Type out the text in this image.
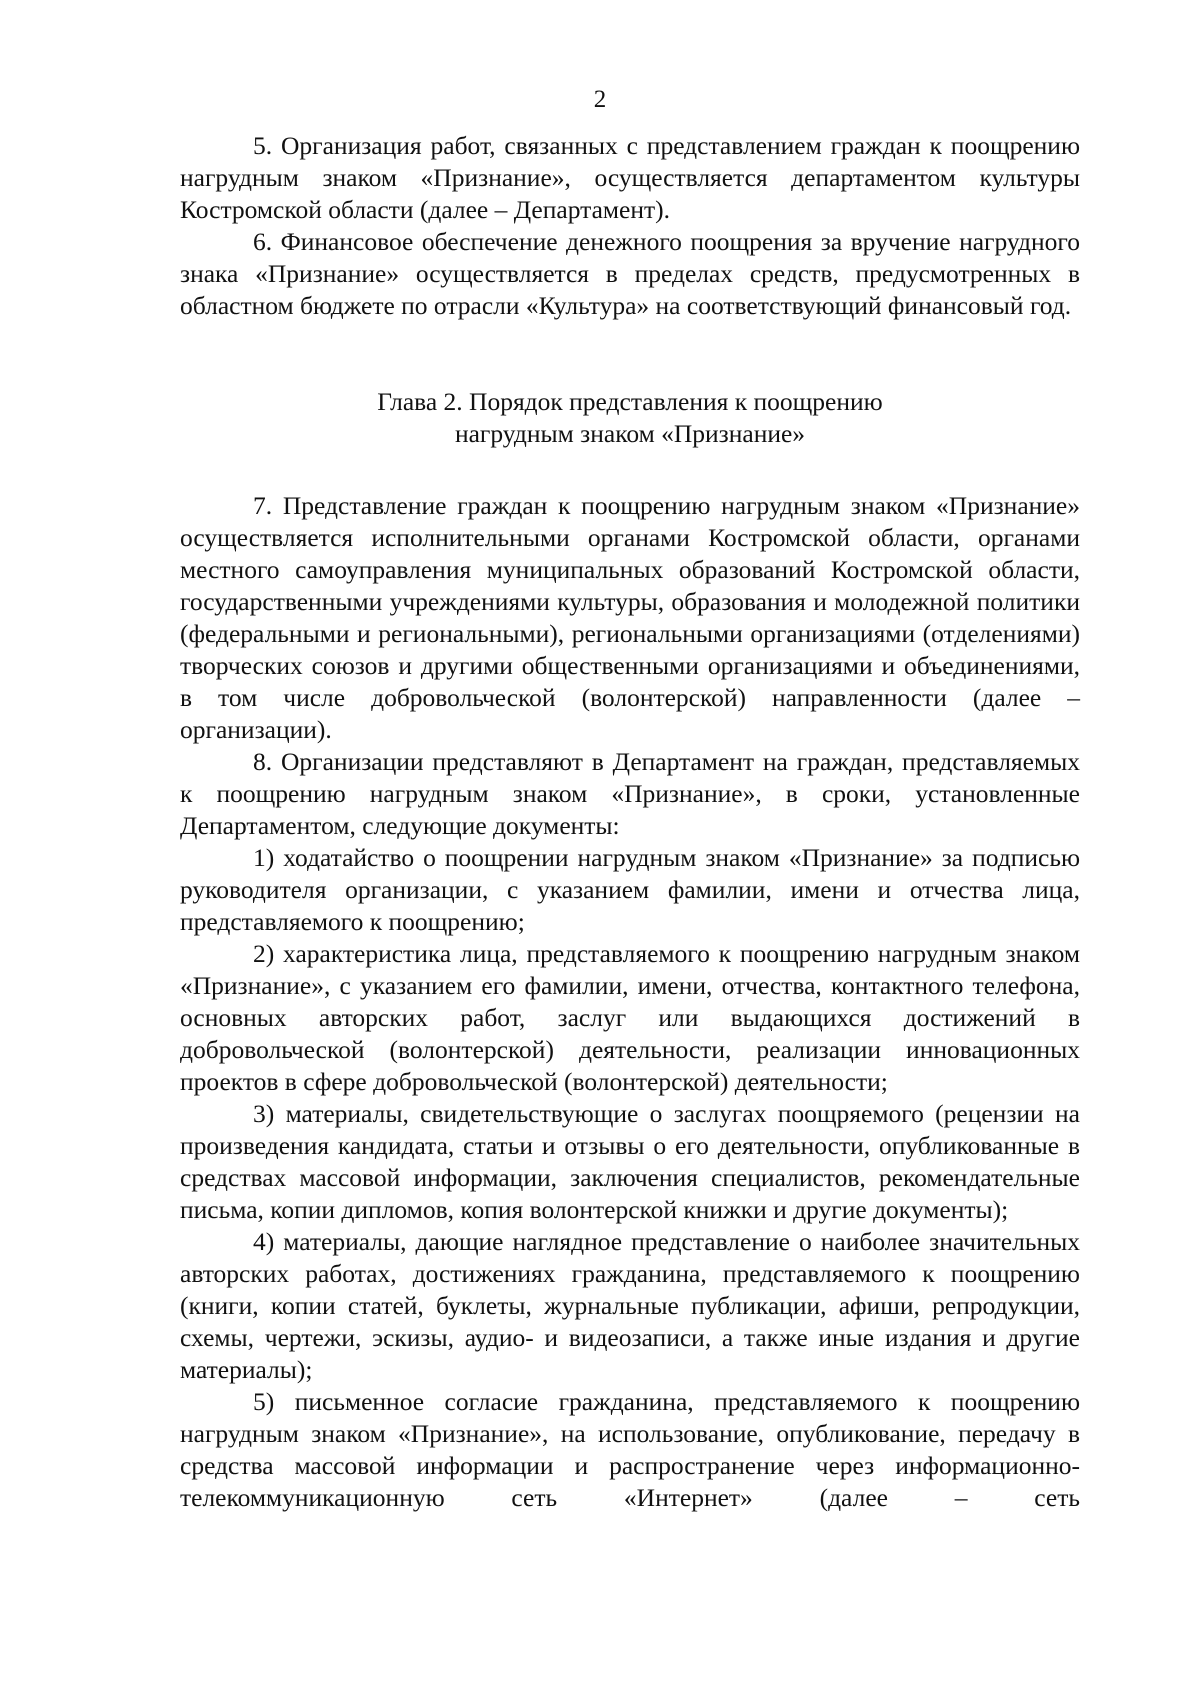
2

5. Организация работ, связанных с представлением граждан к поощрению нагрудным знаком «Признание», осуществляется департаментом культуры Костромской области (далее – Департамент).

6. Финансовое обеспечение денежного поощрения за вручение нагрудного знака «Признание» осуществляется в пределах средств, предусмотренных в областном бюджете по отрасли «Культура» на соответствующий финансовый год.

Глава 2. Порядок представления к поощрению
нагрудным знаком «Признание»

7. Представление граждан к поощрению нагрудным знаком «Признание» осуществляется исполнительными органами Костромской области, органами местного самоуправления муниципальных образований Костромской области, государственными учреждениями культуры, образования и молодежной политики (федеральными и региональными), региональными организациями (отделениями) творческих союзов и другими общественными организациями и объединениями, в том числе добровольческой (волонтерской) направленности (далее – организации).

8. Организации представляют в Департамент на граждан, представляемых к поощрению нагрудным знаком «Признание», в сроки, установленные Департаментом, следующие документы:

1) ходатайство о поощрении нагрудным знаком «Признание» за подписью руководителя организации, с указанием фамилии, имени и отчества лица, представляемого к поощрению;

2) характеристика лица, представляемого к поощрению нагрудным знаком «Признание», с указанием его фамилии, имени, отчества, контактного телефона, основных авторских работ, заслуг или выдающихся достижений в добровольческой (волонтерской) деятельности, реализации инновационных проектов в сфере добровольческой (волонтерской) деятельности;

3) материалы, свидетельствующие о заслугах поощряемого (рецензии на произведения кандидата, статьи и отзывы о его деятельности, опубликованные в средствах массовой информации, заключения специалистов, рекомендательные письма, копии дипломов, копия волонтерской книжки и другие документы);

4) материалы, дающие наглядное представление о наиболее значительных авторских работах, достижениях гражданина, представляемого к поощрению (книги, копии статей, буклеты, журнальные публикации, афиши, репродукции, схемы, чертежи, эскизы, аудио- и видеозаписи, а также иные издания и другие материалы);

5) письменное согласие гражданина, представляемого к поощрению нагрудным знаком «Признание», на использование, опубликование, передачу в средства массовой информации и распространение через информационно-телекоммуникационную сеть «Интернет» (далее – сеть
